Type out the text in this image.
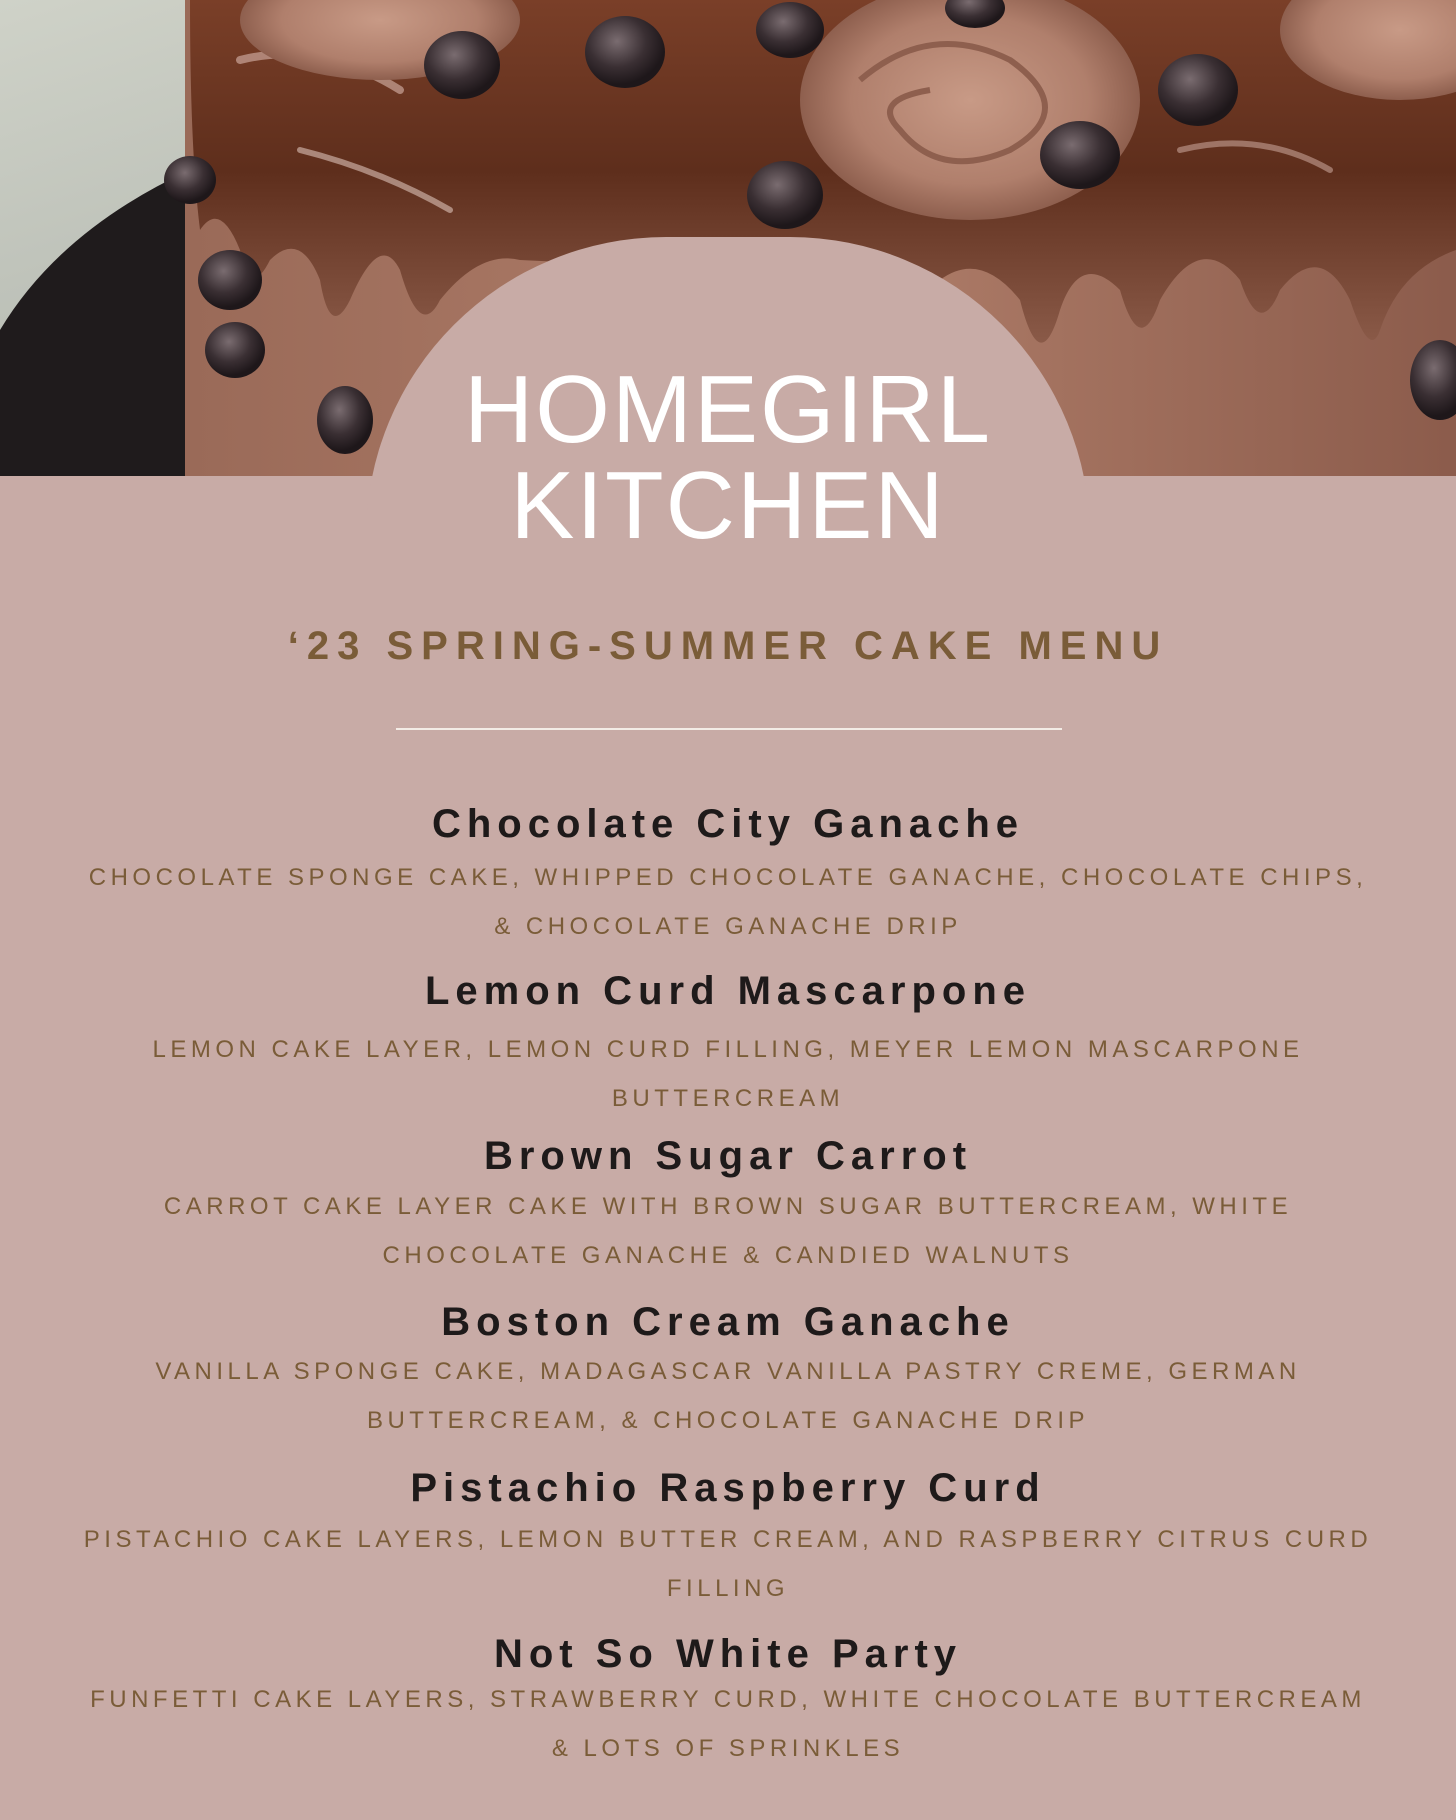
HOMEGIRL
KITCHEN
‘23 SPRING-SUMMER CAKE MENU
Chocolate City Ganache

CHOCOLATE SPONGE CAKE, WHIPPED CHOCOLATE GANACHE, CHOCOLATE CHIPS, & CHOCOLATE GANACHE DRIP

Lemon Curd Mascarpone

LEMON CAKE LAYER, LEMON CURD FILLING, MEYER LEMON MASCARPONE BUTTERCREAM

Brown Sugar Carrot

CARROT CAKE LAYER CAKE WITH BROWN SUGAR BUTTERCREAM, WHITE CHOCOLATE GANACHE & CANDIED WALNUTS

Boston Cream Ganache

VANILLA SPONGE CAKE, MADAGASCAR VANILLA PASTRY CREME, GERMAN BUTTERCREAM, & CHOCOLATE GANACHE DRIP

Pistachio Raspberry Curd

PISTACHIO CAKE LAYERS, LEMON BUTTER CREAM, AND RASPBERRY CITRUS CURD FILLING

Not So White Party

FUNFETTI CAKE LAYERS, STRAWBERRY CURD, WHITE CHOCOLATE BUTTERCREAM & LOTS OF SPRINKLES
